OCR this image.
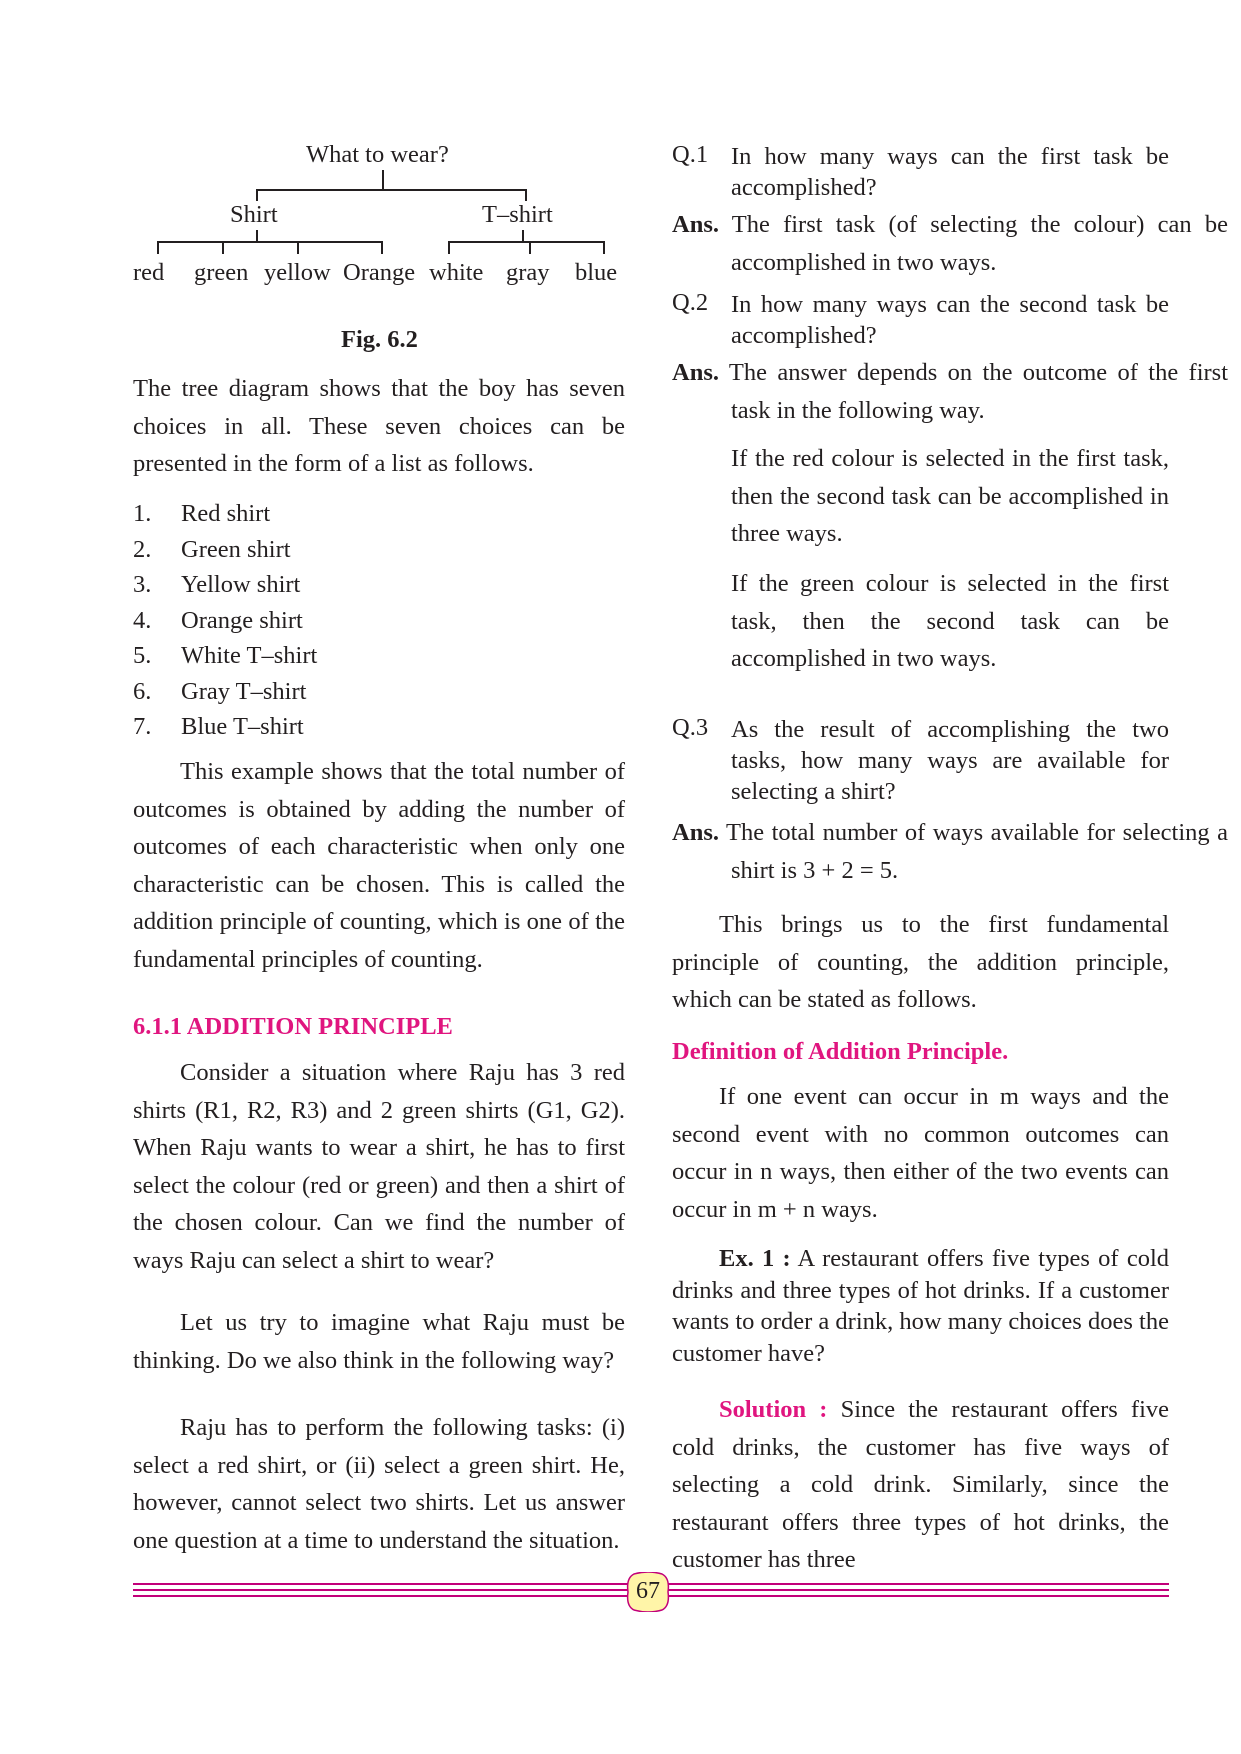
What to wear?
Shirt	T–shirt
red green yellow Orange white gray blue
Fig. 6.2

The tree diagram shows that the boy has seven choices in all. These seven choices can be presented in the form of a list as follows.

1. Red shirt
2. Green shirt
3. Yellow shirt
4. Orange shirt
5. White T–shirt
6. Gray T–shirt
7. Blue T–shirt

This example shows that the total number of outcomes is obtained by adding the number of outcomes of each characteristic when only one characteristic can be chosen. This is called the addition principle of counting, which is one of the fundamental principles of counting.

6.1.1 ADDITION PRINCIPLE

Consider a situation where Raju has 3 red shirts (R1, R2, R3) and 2 green shirts (G1, G2). When Raju wants to wear a shirt, he has to first select the colour (red or green) and then a shirt of the chosen colour. Can we find the number of ways Raju can select a shirt to wear?

Let us try to imagine what Raju must be thinking. Do we also think in the following way?

Raju has to perform the following tasks: (i) select a red shirt, or (ii) select a green shirt. He, however, cannot select two shirts. Let us answer one question at a time to understand the situation.

Q.1 In how many ways can the first task be accomplished?

Ans. The first task (of selecting the colour) can be accomplished in two ways.

Q.2 In how many ways can the second task be accomplished?

Ans. The answer depends on the outcome of the first task in the following way.

If the red colour is selected in the first task, then the second task can be accomplished in three ways.

If the green colour is selected in the first task, then the second task can be accomplished in two ways.

Q.3 As the result of accomplishing the two tasks, how many ways are available for selecting a shirt?

Ans. The total number of ways available for selecting a shirt is 3 + 2 = 5.

This brings us to the first fundamental principle of counting, the addition principle, which can be stated as follows.

Definition of Addition Principle.

If one event can occur in m ways and the second event with no common outcomes can occur in n ways, then either of the two events can occur in m + n ways.

Ex. 1 : A restaurant offers five types of cold drinks and three types of hot drinks. If a customer wants to order a drink, how many choices does the customer have?

Solution : Since the restaurant offers five cold drinks, the customer has five ways of selecting a cold drink. Similarly, since the restaurant offers three types of hot drinks, the customer has three

67
